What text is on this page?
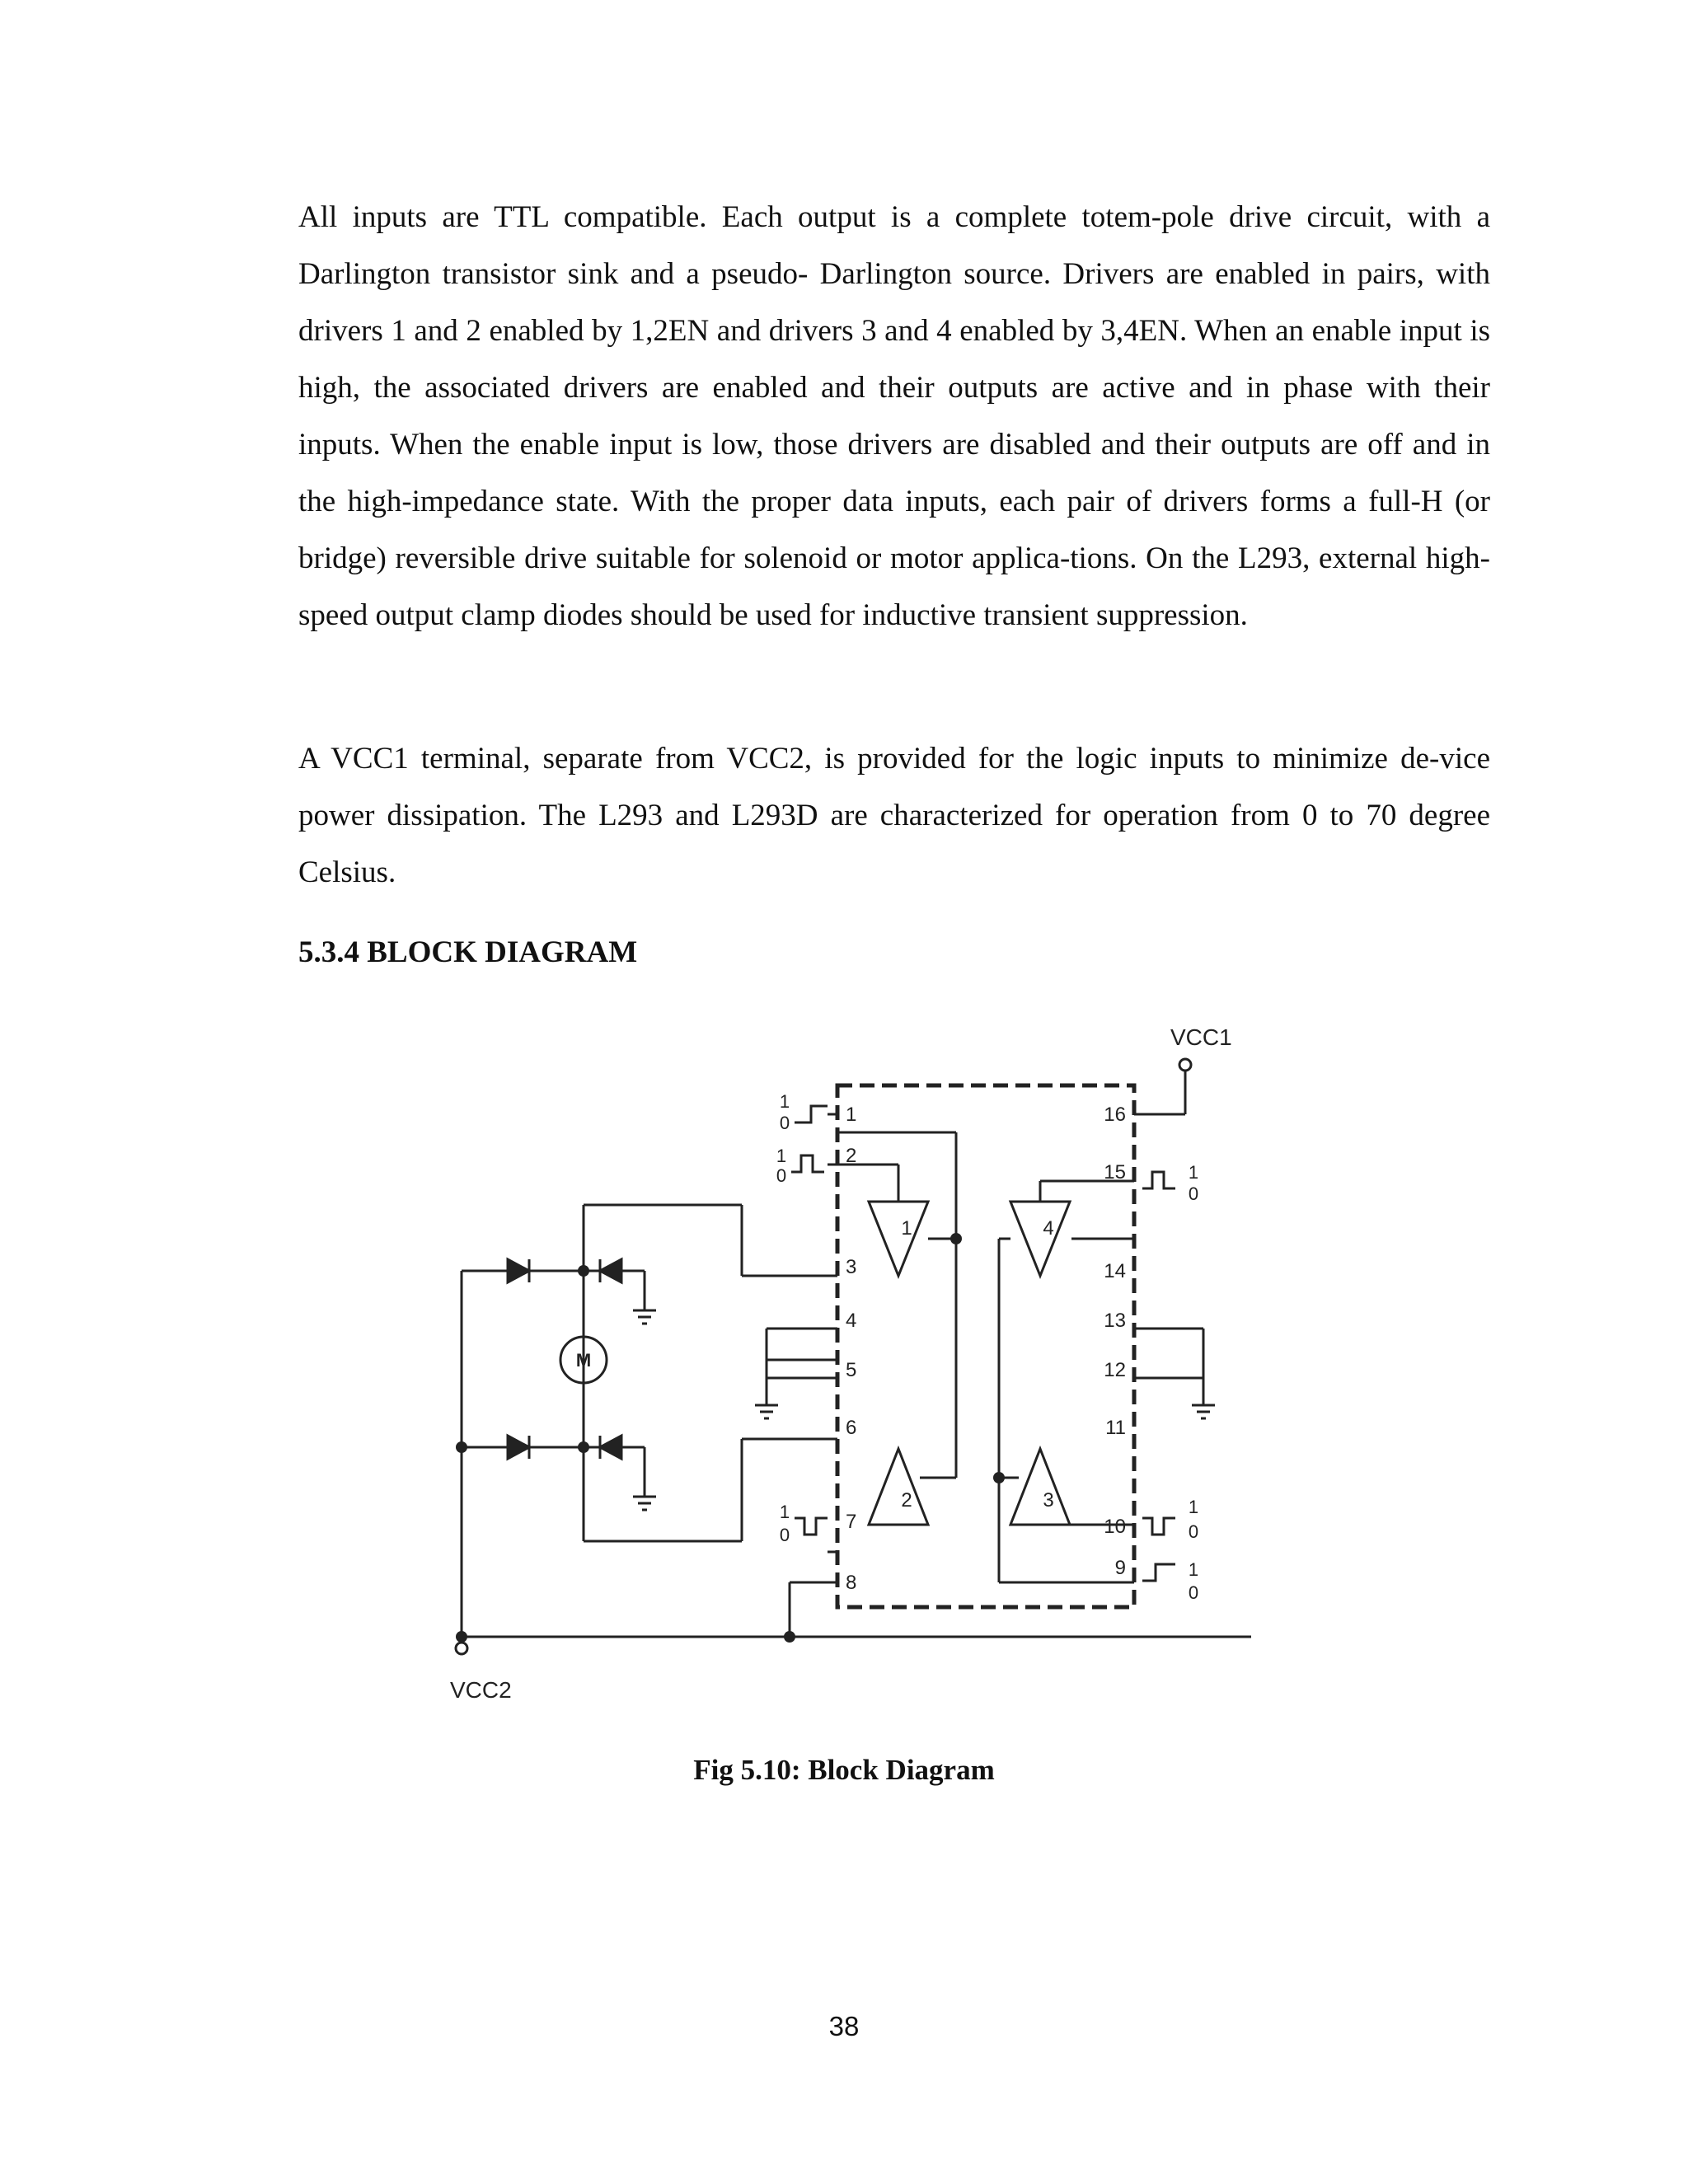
All inputs are TTL compatible. Each output is a complete totem-pole drive circuit, with a Darlington transistor sink and a pseudo- Darlington source. Drivers are enabled in pairs, with drivers 1 and 2 enabled by 1,2EN and drivers 3 and 4 enabled by 3,4EN. When an enable input is high, the associated drivers are enabled and their outputs are active and in phase with their inputs. When the enable input is low, those drivers are disabled and their outputs are off and in the high-impedance state. With the proper data inputs, each pair of drivers forms a full-H (or bridge) reversible drive suitable for solenoid or motor applica-tions. On the L293, external high-speed output clamp diodes should be used for inductive transient suppression.

A VCC1 terminal, separate from VCC2, is provided for the logic inputs to minimize de-vice power dissipation. The L293 and L293D are characterized for operation from 0 to 70 degree Celsius.

5.3.4 BLOCK DIAGRAM
1
2
3
4
5
6
7
8
16
15
14
13
12
11
10
9
1
2	3
4
1
0
1
0
1
0
1
0
1
0
1
0
M
VCC1
VCC2
Fig 5.10: Block Diagram
38
